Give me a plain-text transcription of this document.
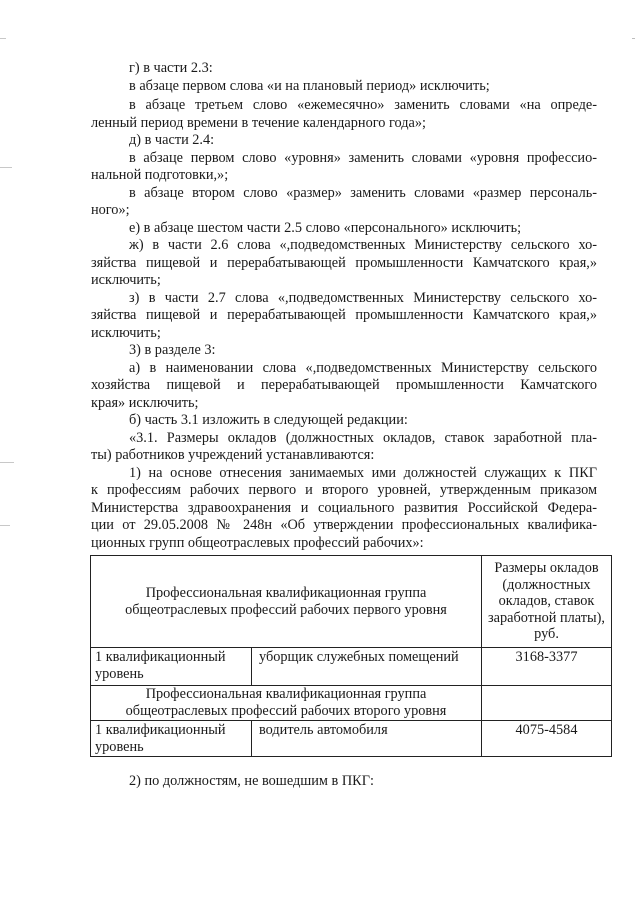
г) в части 2.3:
в абзаце первом слова «и на плановый период» исключить;
в абзаце третьем слово «ежемесячно» заменить словами «на опреде-
ленный период времени в течение календарного года»;
д) в части 2.4:
в абзаце первом слово «уровня» заменить словами «уровня профессио-
нальной подготовки,»;
в абзаце втором слово «размер» заменить словами «размер персональ-
ного»;
е) в абзаце шестом части 2.5 слово «персонального» исключить;
ж) в части 2.6 слова «,подведомственных Министерству сельского хо-
зяйства пищевой и перерабатывающей промышленности Камчатского края,»
исключить;
з) в части 2.7 слова «,подведомственных Министерству сельского хо-
зяйства пищевой и перерабатывающей промышленности Камчатского края,»
исключить;
3) в разделе 3:
а) в наименовании слова «,подведомственных Министерству сельского
хозяйства пищевой и перерабатывающей промышленности Камчатского
края» исключить;
б) часть 3.1 изложить в следующей редакции:
«3.1. Размеры окладов (должностных окладов, ставок заработной пла-
ты) работников учреждений устанавливаются:
1) на основе отнесения занимаемых ими должностей служащих к ПКГ
к профессиям рабочих первого и второго уровней, утвержденным приказом
Министерства здравоохранения и социального развития Российской Федера-
ции от 29.05.2008 № 248н «Об утверждении профессиональных квалифика-
ционных групп общеотраслевых профессий рабочих»:
Профессиональная квалификационная группа общеотраслевых профессий рабочих первого уровня		Размеры окладов (должностных окладов, ставок заработной платы), руб.
1 квалификационный уровень	уборщик служебных помещений	3168-3377
Профессиональная квалификационная группа общеотраслевых профессий рабочих второго уровня		
1 квалификационный уровень	водитель автомобиля	4075-4584
2) по должностям, не вошедшим в ПКГ:
